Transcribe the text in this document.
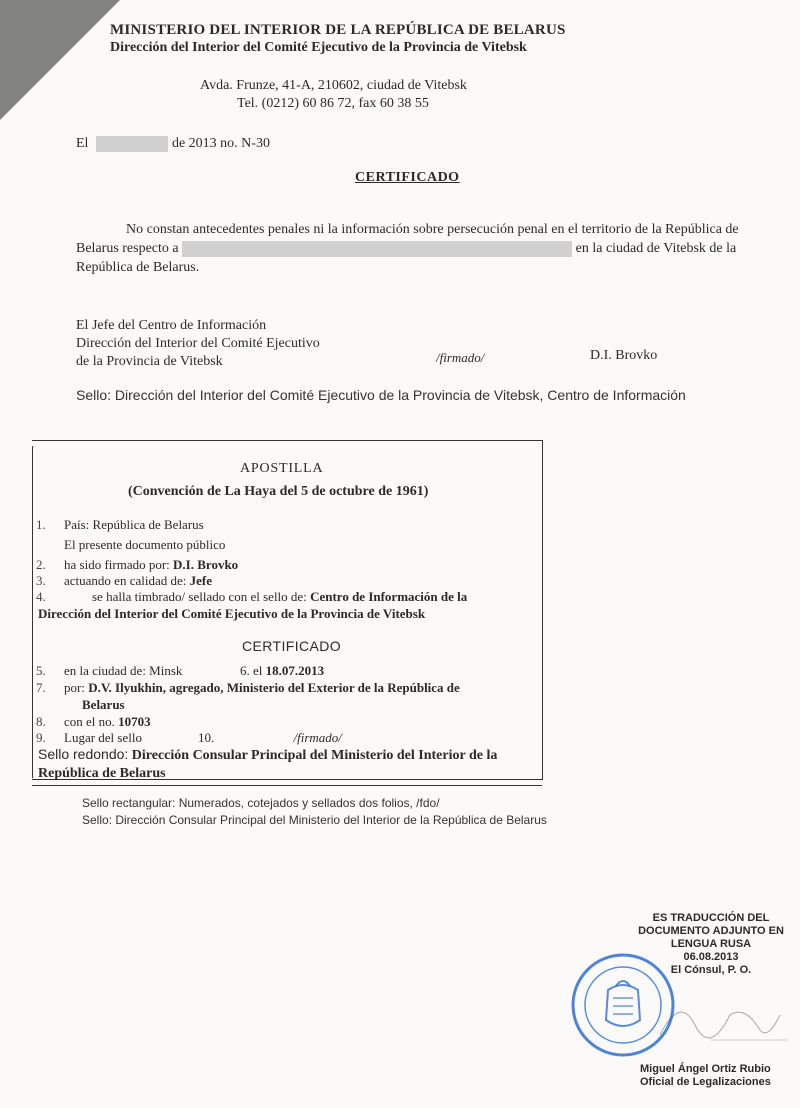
MINISTERIO DEL INTERIOR DE LA REPÚBLICA DE BELARUS
Dirección del Interior del Comité Ejecutivo de la Provincia de Vitebsk
Avda. Frunze, 41-A, 210602, ciudad de Vitebsk
Tel. (0212) 60 86 72, fax 60 38 55
El	de 2013 no. N-30
CERTIFICADO
No constan antecedentes penales ni la información sobre persecución penal en el territorio de la República de Belarus respecto a	en la ciudad de Vitebsk de la República de Belarus.
El Jefe del Centro de Información
Dirección del Interior del Comité Ejecutivo
de la Provincia de Vitebsk	/firmado/	D.I. Brovko
Sello: Dirección del Interior del Comité Ejecutivo de la Provincia de Vitebsk, Centro de Información
APOSTILLA
(Convención de La Haya del 5 de octubre de 1961)
1. País: República de Belarus
El presente documento público
2. ha sido firmado por: D.I. Brovko
3. actuando en calidad de: Jefe
4.	se halla timbrado/ sellado con el sello de: Centro de Información de la
Dirección del Interior del Comité Ejecutivo de la Provincia de Vitebsk
CERTIFICADO
5. en la ciudad de: Minsk	6. el 18.07.2013
7. por: D.V. Ilyukhin, agregado, Ministerio del Exterior de la República de
Belarus
8. con el no. 10703
9. Lugar del sello	10.	/firmado/
Sello redondo: Dirección Consular Principal del Ministerio del Interior de la República de Belarus
Sello rectangular: Numerados, cotejados y sellados dos folios, /fdo/
Sello: Dirección Consular Principal del Ministerio del Interior de la República de Belarus
ES TRADUCCIÓN DEL
DOCUMENTO ADJUNTO EN
LENGUA RUSA
06.08.2013
El Cónsul, P. O.
Miguel Ángel Ortiz Rubio
Oficial de Legalizaciones
